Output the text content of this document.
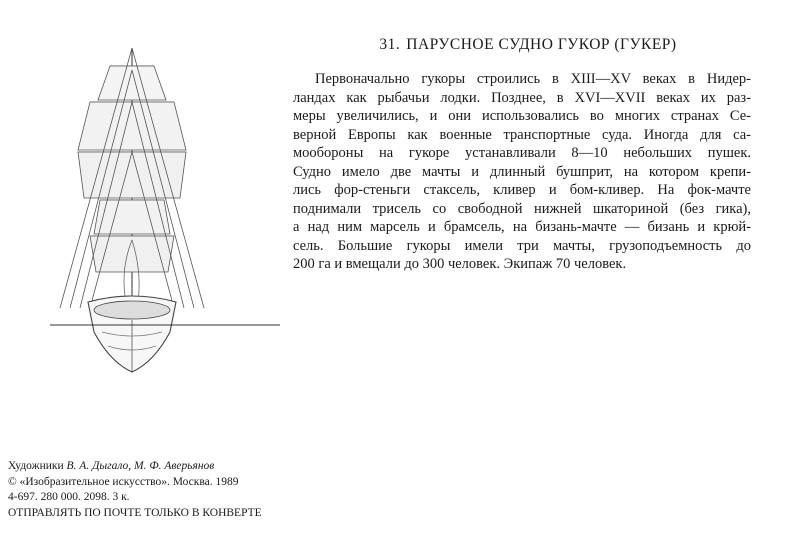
31. ПАРУСНОЕ СУДНО ГУКОР (ГУКЕР)
Первоначально гукоры строились в XIII—XV веках в Нидер-
ландах как рыбачьи лодки. Позднее, в XVI—XVII веках их раз-
меры увеличились, и они использовались во многих странах Се-
верной Европы как военные транспортные суда. Иногда для са-
мообороны на гукоре устанавливали 8—10 небольших пушек.
Судно имело две мачты и длинный бушприт, на котором крепи-
лись фор-стеньги стаксель, кливер и бом-кливер. На фок-мачте
поднимали трисель со свободной нижней шкаториной (без гика),
а над ним марсель и брамсель, на бизань-мачте — бизань и крюй-
сель. Большие гукоры имели три мачты, грузоподъемность до
200 га и вмещали до 300 человек. Экипаж 70 человек.
Художники В. А. Дыгало, М. Ф. Аверьянов
© «Изобразительное искусство». Москва. 1989
4-697. 280 000. 2098. 3 к.
ОТПРАВЛЯТЬ ПО ПОЧТЕ ТОЛЬКО В КОНВЕРТЕ
